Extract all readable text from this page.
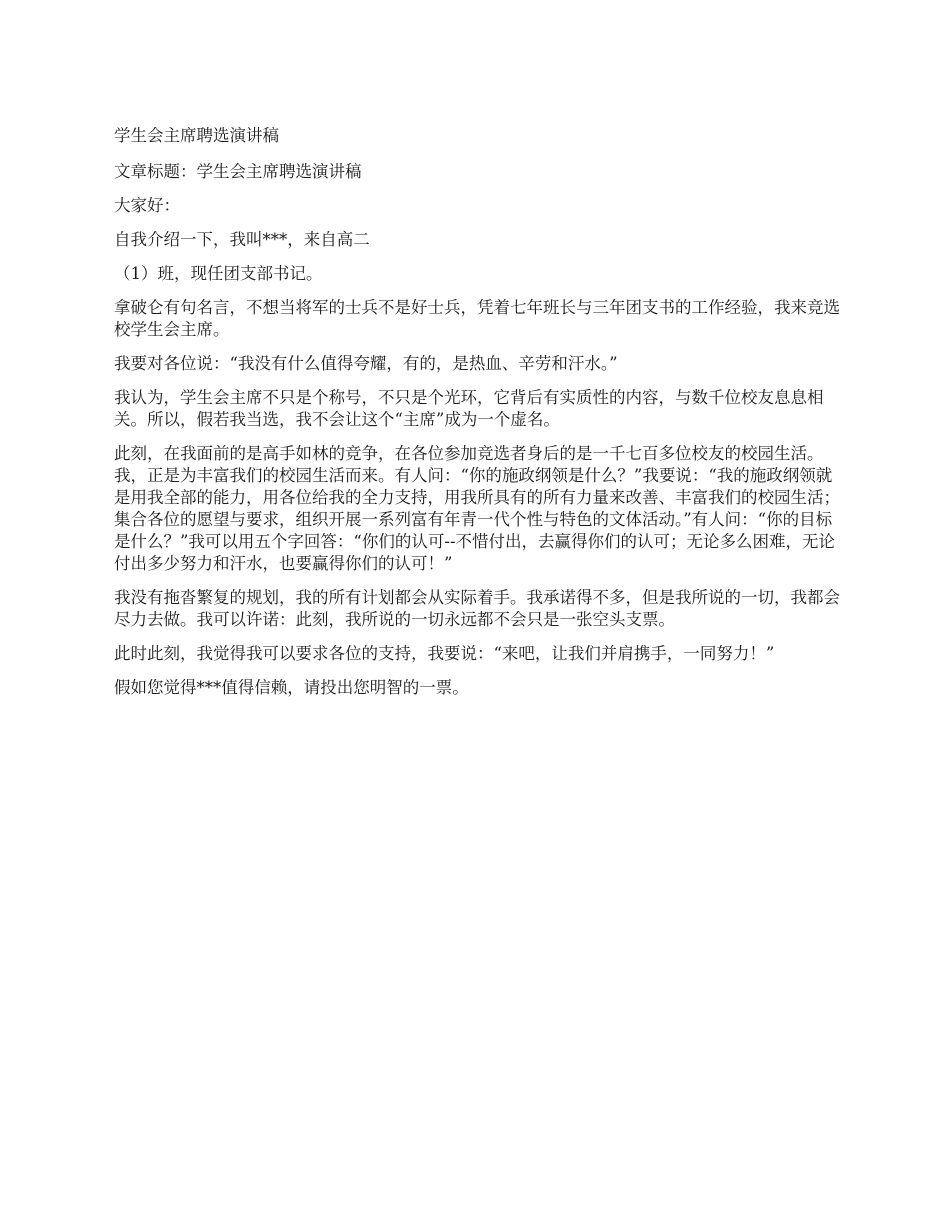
学生会主席聘选演讲稿

文章标题：学生会主席聘选演讲稿

大家好：

自我介绍一下，我叫***，来自高二

（1）班，现任团支部书记。

拿破仑有句名言，不想当将军的士兵不是好士兵，凭着七年班长与三年团支书的工作经验，我来竞选校学生会主席。

我要对各位说：“我没有什么值得夸耀，有的，是热血、辛劳和汗水。”

我认为，学生会主席不只是个称号，不只是个光环，它背后有实质性的内容，与数千位校友息息相关。所以，假若我当选，我不会让这个“主席”成为一个虚名。

此刻，在我面前的是高手如林的竞争，在各位参加竞选者身后的是一千七百多位校友的校园生活。我，正是为丰富我们的校园生活而来。有人问：“你的施政纲领是什么？”我要说：“我的施政纲领就是用我全部的能力，用各位给我的全力支持，用我所具有的所有力量来改善、丰富我们的校园生活；集合各位的愿望与要求，组织开展一系列富有年青一代个性与特色的文体活动。”有人问：“你的目标是什么？”我可以用五个字回答：“你们的认可--不惜付出，去赢得你们的认可；无论多么困难，无论付出多少努力和汗水，也要赢得你们的认可！”

我没有拖沓繁复的规划，我的所有计划都会从实际着手。我承诺得不多，但是我所说的一切，我都会尽力去做。我可以许诺：此刻，我所说的一切永远都不会只是一张空头支票。

此时此刻，我觉得我可以要求各位的支持，我要说：“来吧，让我们并肩携手，一同努力！”

假如您觉得***值得信赖，请投出您明智的一票。
